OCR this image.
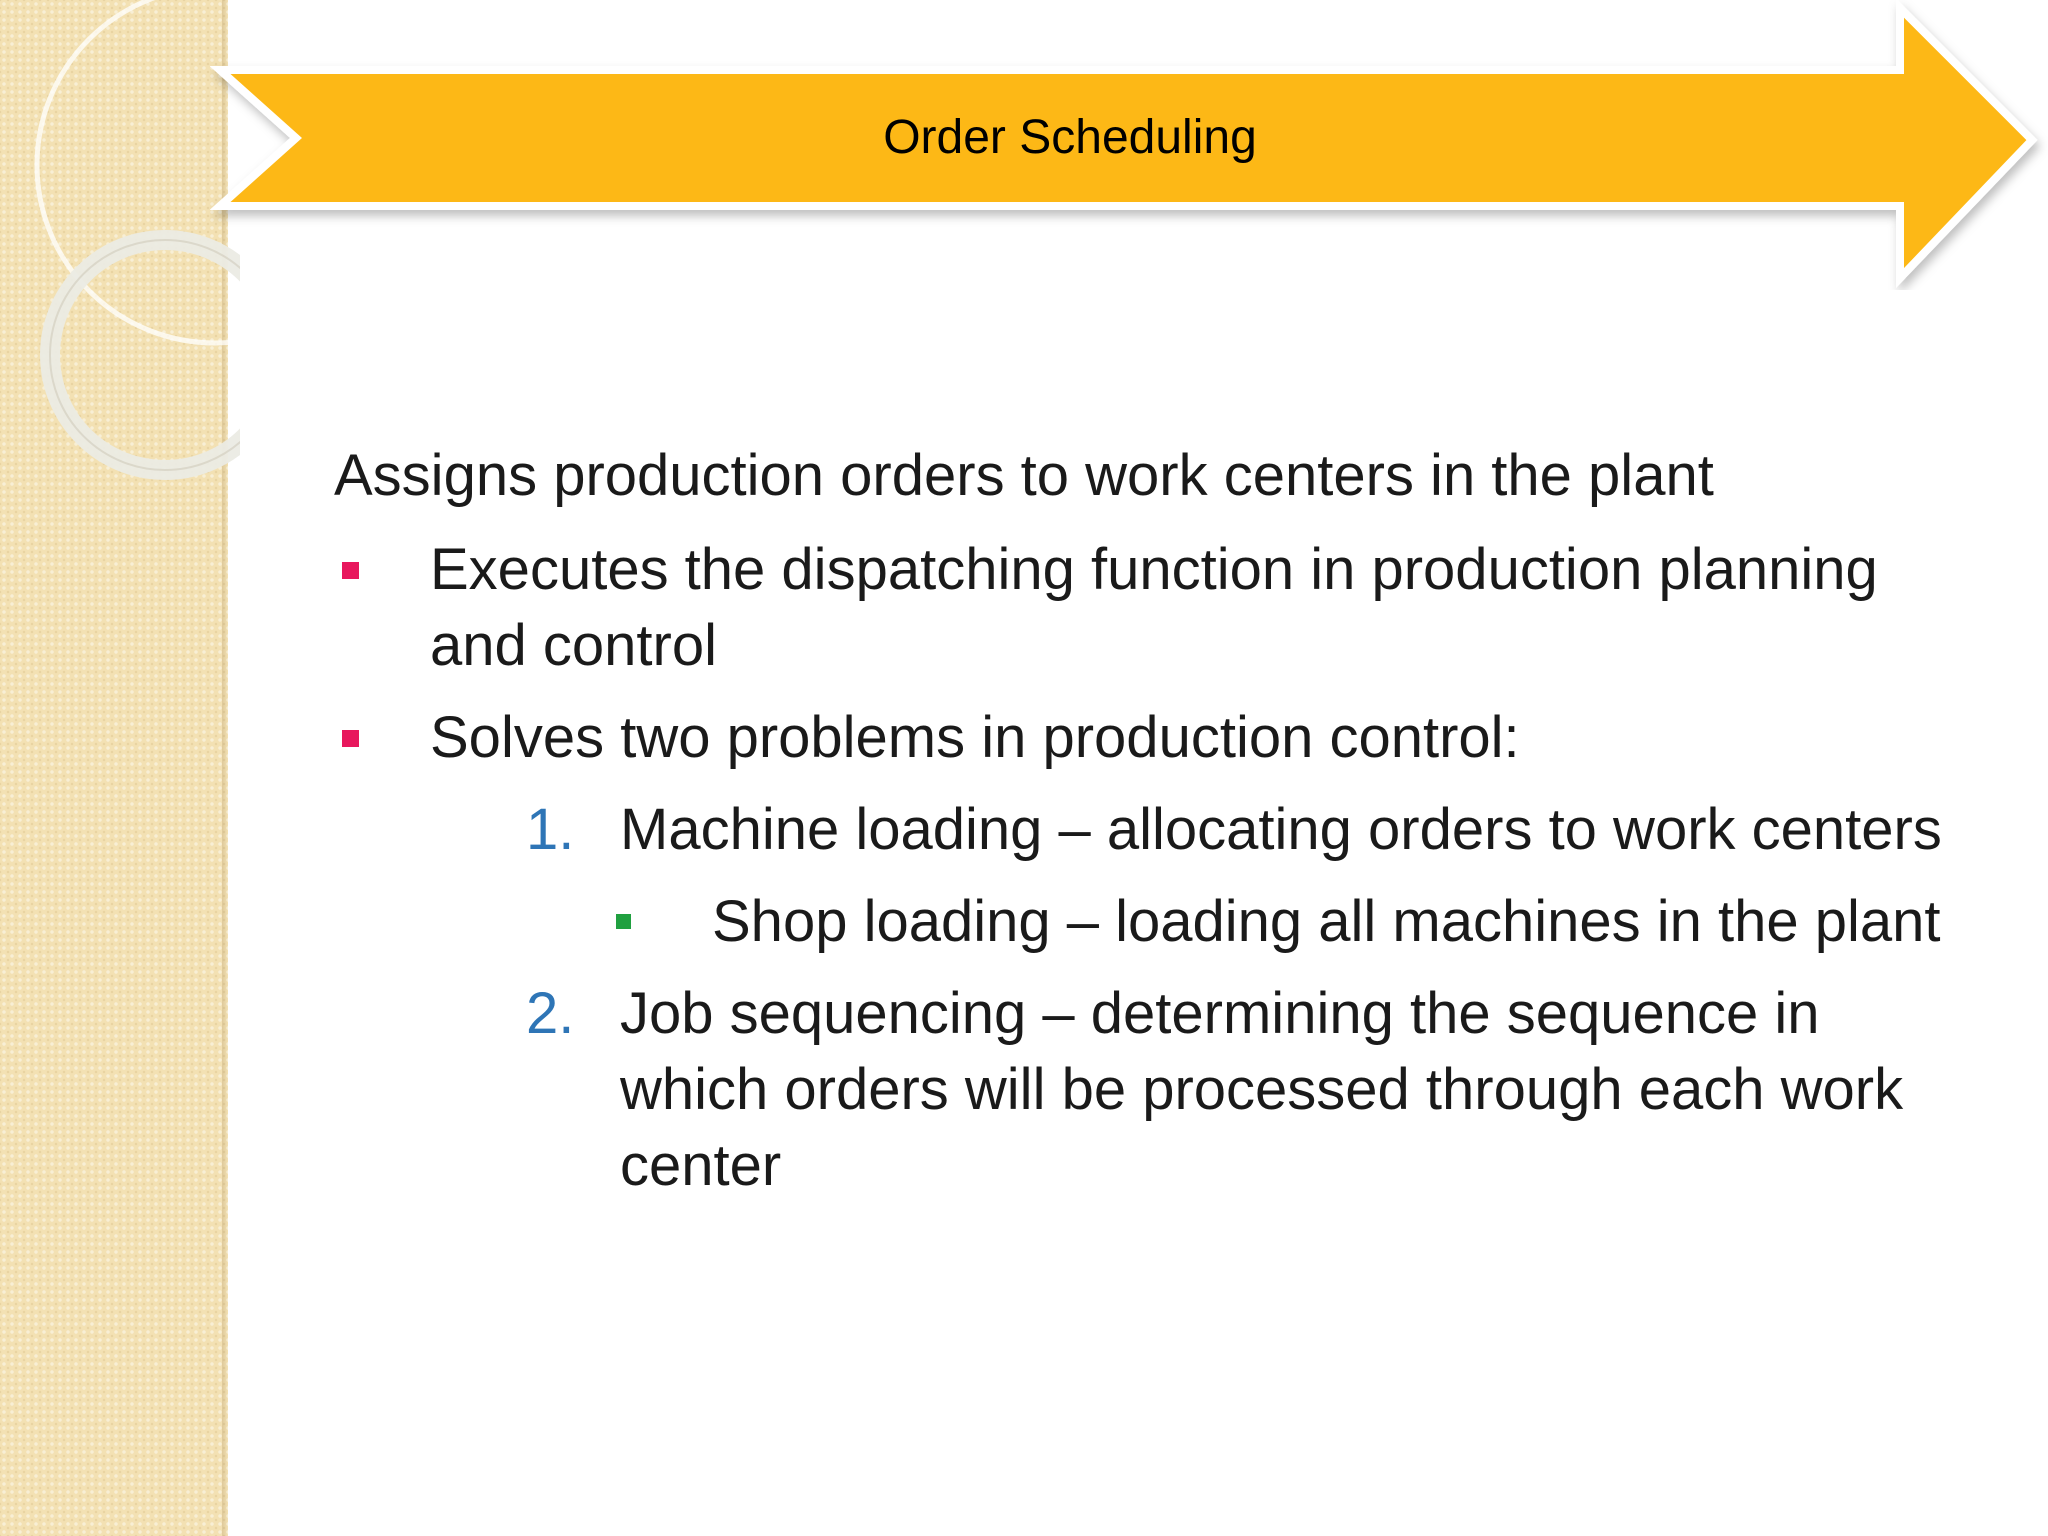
Order Scheduling

Assigns production orders to work centers in the plant

Executes the dispatching function in production planning and control
Solves two problems in production control:
1. Machine loading – allocating orders to work centers
Shop loading – loading all machines in the plant
2. Job sequencing – determining the sequence in which orders will be processed through each work center
